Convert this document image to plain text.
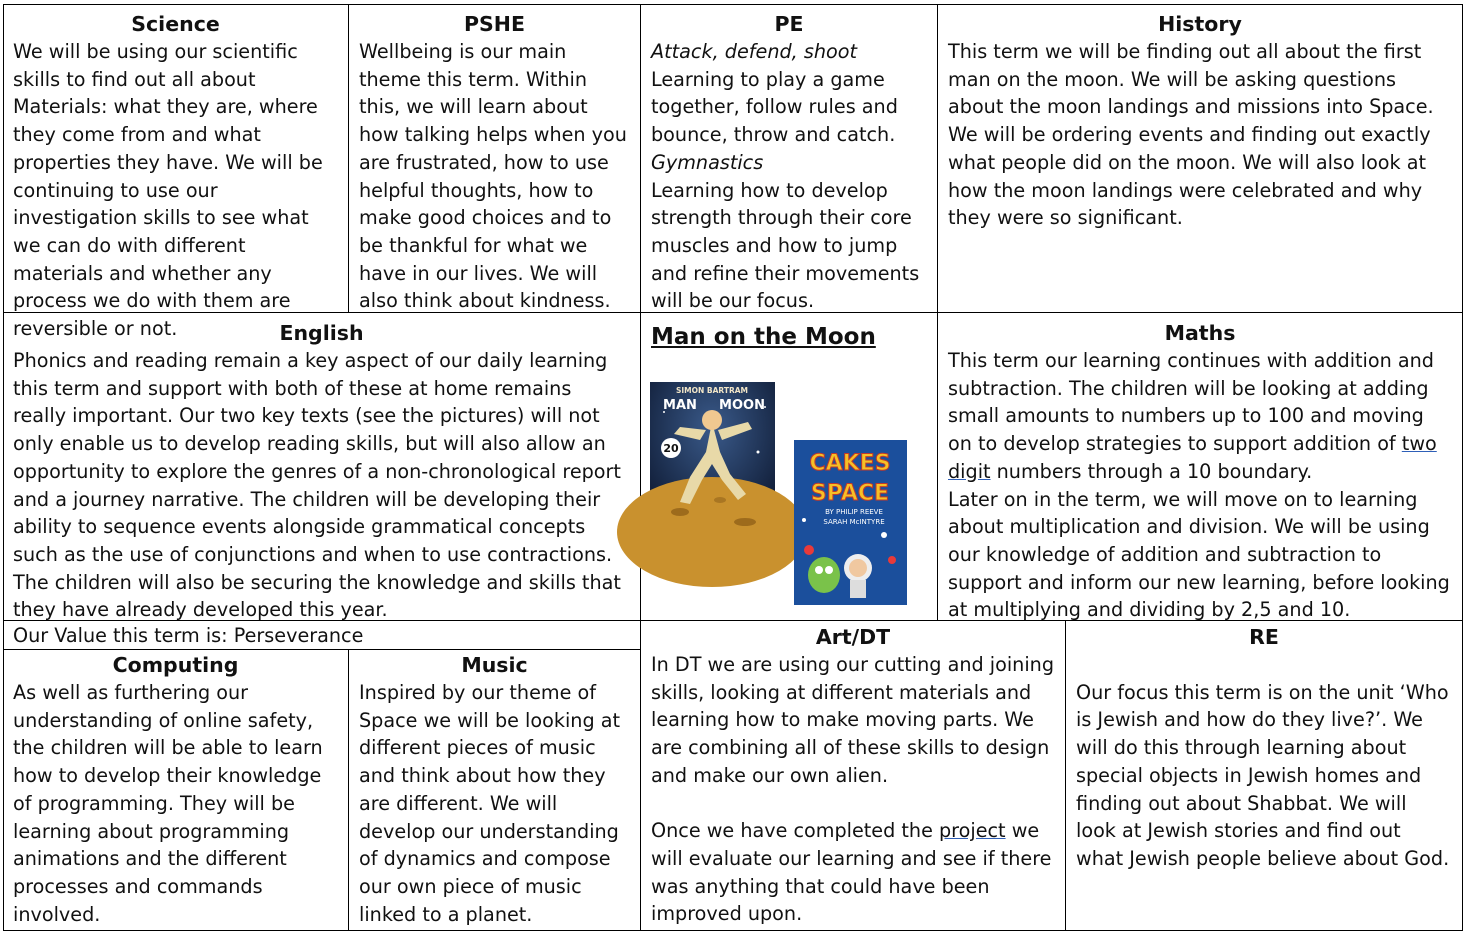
Science
We will be using our scientific skills to find out all about Materials: what they are, where they come from and what properties they have. We will be continuing to use our investigation skills to see what we can do with different materials and whether any process we do with them are reversible or not.
PSHE
Wellbeing is our main theme this term. Within this, we will learn about how talking helps when you are frustrated, how to use helpful thoughts, how to make good choices and to be thankful for what we have in our lives. We will also think about kindness.
PE
Attack, defend, shoot
Learning to play a game together, follow rules and bounce, throw and catch.
Gymnastics
Learning how to develop strength through their core muscles and how to jump and refine their movements will be our focus.
History
This term we will be finding out all about the first man on the moon. We will be asking questions about the moon landings and missions into Space. We will be ordering events and finding out exactly what people did on the moon. We will also look at how the moon landings were celebrated and why they were so significant.
English
Phonics and reading remain a key aspect of our daily learning this term and support with both of these at home remains really important. Our two key texts (see the pictures) will not only enable us to develop reading skills, but will also allow an opportunity to explore the genres of a non-chronological report and a journey narrative. The children will be developing their ability to sequence events alongside grammatical concepts such as the use of conjunctions and when to use contractions. The children will also be securing the knowledge and skills that they have already developed this year.
Man on the Moon
20
SIMON BARTRAM
MAN MOON
CAKES
SPACE
BY PHILIP REEVE
SARAH McINTYRE
Maths
This term our learning continues with addition and subtraction. The children will be looking at adding small amounts to numbers up to 100 and moving on to develop strategies to support addition of two digit numbers through a 10 boundary.
Later on in the term, we will move on to learning about multiplication and division. We will be using our knowledge of addition and subtraction to support and inform our new learning, before looking at multiplying and dividing by 2,5 and 10.
Our Value this term is: Perseverance
Computing
As well as furthering our understanding of online safety, the children will be able to learn how to develop their knowledge of programming. They will be learning about programming animations and the different processes and commands involved.
Music
Inspired by our theme of Space we will be looking at different pieces of music and think about how they are different. We will develop our understanding of dynamics and compose our own piece of music linked to a planet.
Art/DT
In DT we are using our cutting and joining skills, looking at different materials and learning how to make moving parts. We are combining all of these skills to design and make our own alien.
Once we have completed the project we will evaluate our learning and see if there was anything that could have been improved upon.
RE
Our focus this term is on the unit ‘Who is Jewish and how do they live?’. We will do this through learning about special objects in Jewish homes and finding out about Shabbat. We will look at Jewish stories and find out what Jewish people believe about God.
